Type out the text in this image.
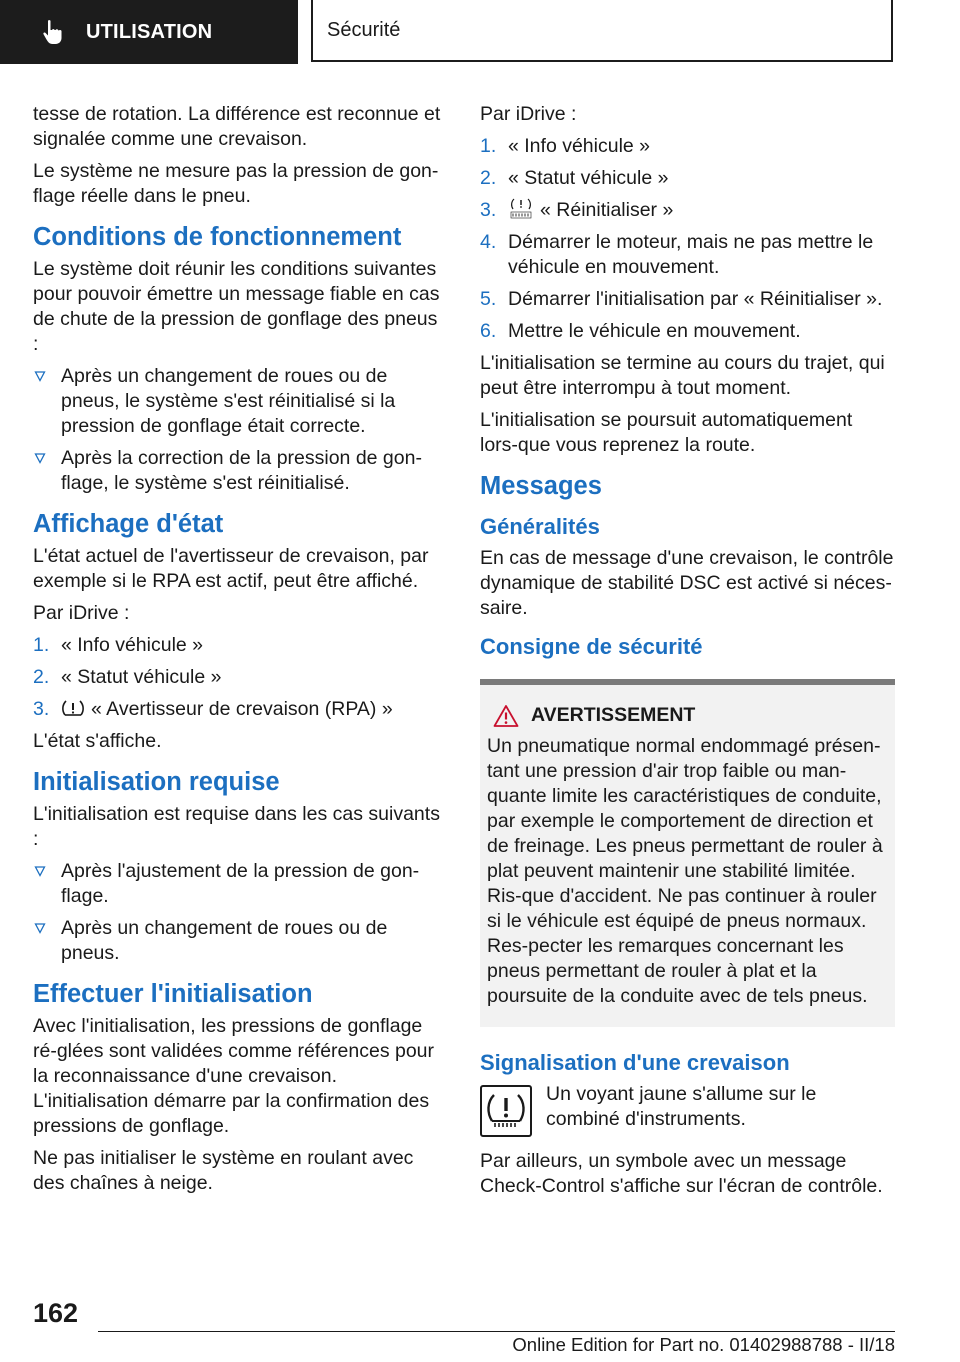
UTILISATION	Sécurité

tesse de rotation. La différence est reconnue et signalée comme une crevaison.

Le système ne mesure pas la pression de gon-flage réelle dans le pneu.

Conditions de fonctionnement

Le système doit réunir les conditions suivantes pour pouvoir émettre un message fiable en cas de chute de la pression de gonflage des pneus :

Après un changement de roues ou de pneus, le système s'est réinitialisé si la pression de gonflage était correcte.
Après la correction de la pression de gon-flage, le système s'est réinitialisé.
Affichage d'état

L'état actuel de l'avertisseur de crevaison, par exemple si le RPA est actif, peut être affiché.

Par iDrive :

1. « Info véhicule »
2. « Statut véhicule »
3. « Avertisseur de crevaison (RPA) »

L'état s'affiche.

Initialisation requise

L'initialisation est requise dans les cas suivants :

Après l'ajustement de la pression de gon-flage.
Après un changement de roues ou de pneus.
Effectuer l'initialisation

Avec l'initialisation, les pressions de gonflage ré-glées sont validées comme références pour la reconnaissance d'une crevaison. L'initialisation démarre par la confirmation des pressions de gonflage.

Ne pas initialiser le système en roulant avec des chaînes à neige.

Par iDrive :

1. « Info véhicule »
2. « Statut véhicule »
3. « Réinitialiser »
4. Démarrer le moteur, mais ne pas mettre le véhicule en mouvement.
5. Démarrer l'initialisation par « Réinitialiser ».
6. Mettre le véhicule en mouvement.

L'initialisation se termine au cours du trajet, qui peut être interrompu à tout moment.

L'initialisation se poursuit automatiquement lors-que vous reprenez la route.

Messages
Généralités

En cas de message d'une crevaison, le contrôle dynamique de stabilité DSC est activé si néces-saire.

Consigne de sécurité
AVERTISSEMENT

Un pneumatique normal endommagé présen-tant une pression d'air trop faible ou man-quante limite les caractéristiques de conduite, par exemple le comportement de direction et de freinage. Les pneus permettant de rouler à plat peuvent maintenir une stabilité limitée. Ris-que d'accident. Ne pas continuer à rouler si le véhicule est équipé de pneus normaux. Res-pecter les remarques concernant les pneus permettant de rouler à plat et la poursuite de la conduite avec de tels pneus.

Signalisation d'une crevaison
Un voyant jaune s'allume sur le combiné d'instruments.

Par ailleurs, un symbole avec un message Check-Control s'affiche sur l'écran de contrôle.

162
Online Edition for Part no. 01402988788 - II/18
